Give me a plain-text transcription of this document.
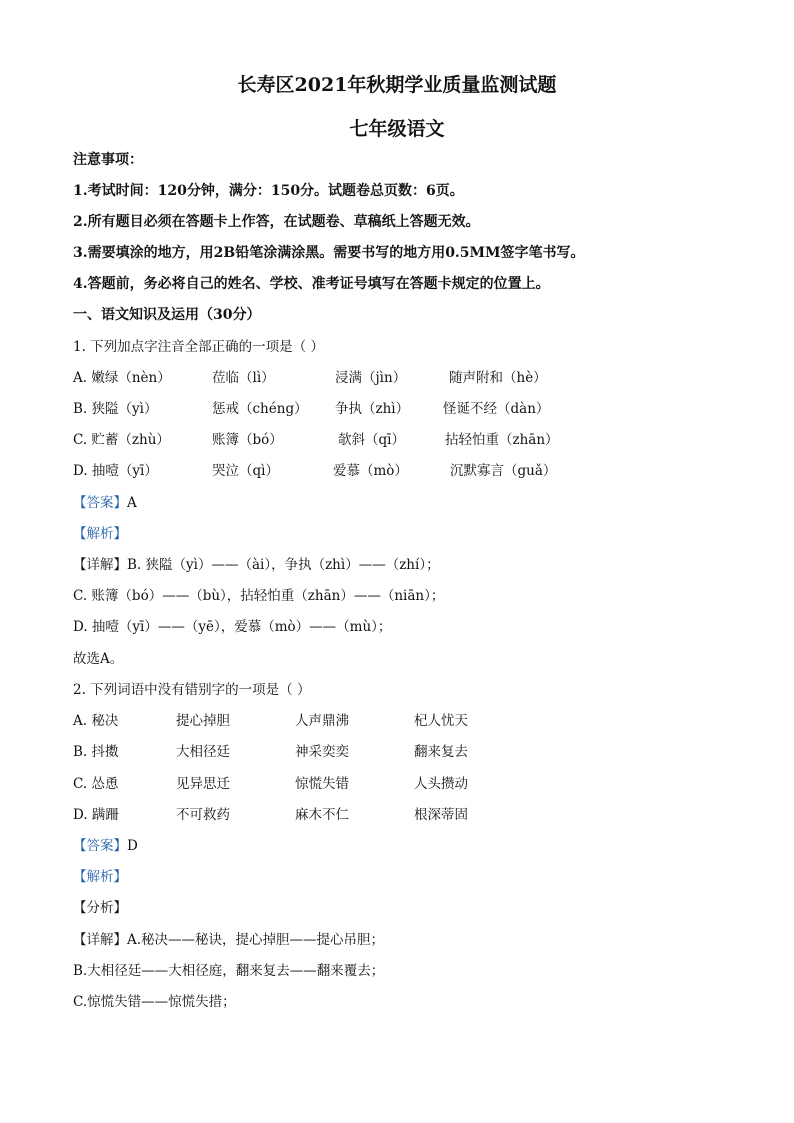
长寿区2021年秋期学业质量监测试题
七年级语文
注意事项：
1.考试时间：120分钟，满分：150分。试题卷总页数：6页。
2.所有题目必须在答题卡上作答，在试题卷、草稿纸上答题无效。
3.需要填涂的地方，用2B铅笔涂满涂黑。需要书写的地方用0.5MM签字笔书写。
4.答题前，务必将自己的姓名、学校、准考证号填写在答题卡规定的位置上。
一、语文知识及运用（30分）
1. 下列加点字注音全部正确的一项是（ ）
A. 嫩绿（nèn）	莅临（lì）	浸满（jìn）	随声附和（hè）
B. 狭隘（yì）	惩戒（chéng） 争执（zhì）	怪诞不经（dàn）
C. 贮蓄（zhù）	账簿（bó）	欹斜（qī）	拈轻怕重（zhān）
D. 抽噎（yī）	哭泣（qì）	爱慕（mò）	沉默寡言（guǎ）
【答案】A
【解析】
【详解】B. 狭隘（yì）——（ài），争执（zhì）——（zhí）；
C. 账簿（bó）——（bù），拈轻怕重（zhān）——（niān）；
D. 抽噎（yī）——（yē），爱慕（mò）——（mù）；
故选A。
2. 下列词语中没有错别字的一项是（ ）
A. 秘决	提心掉胆	人声鼎沸	杞人忧天
B. 抖擞	大相径廷	神采奕奕	翻来复去
C. 怂恿	见异思迁	惊慌失错	人头攒动
D. 蹒跚	不可救药	麻木不仁	根深蒂固
【答案】D
【解析】
【分析】
【详解】A.秘决——秘诀，提心掉胆——提心吊胆；
B.大相径廷——大相径庭，翻来复去——翻来覆去；
C.惊慌失错——惊慌失措；
